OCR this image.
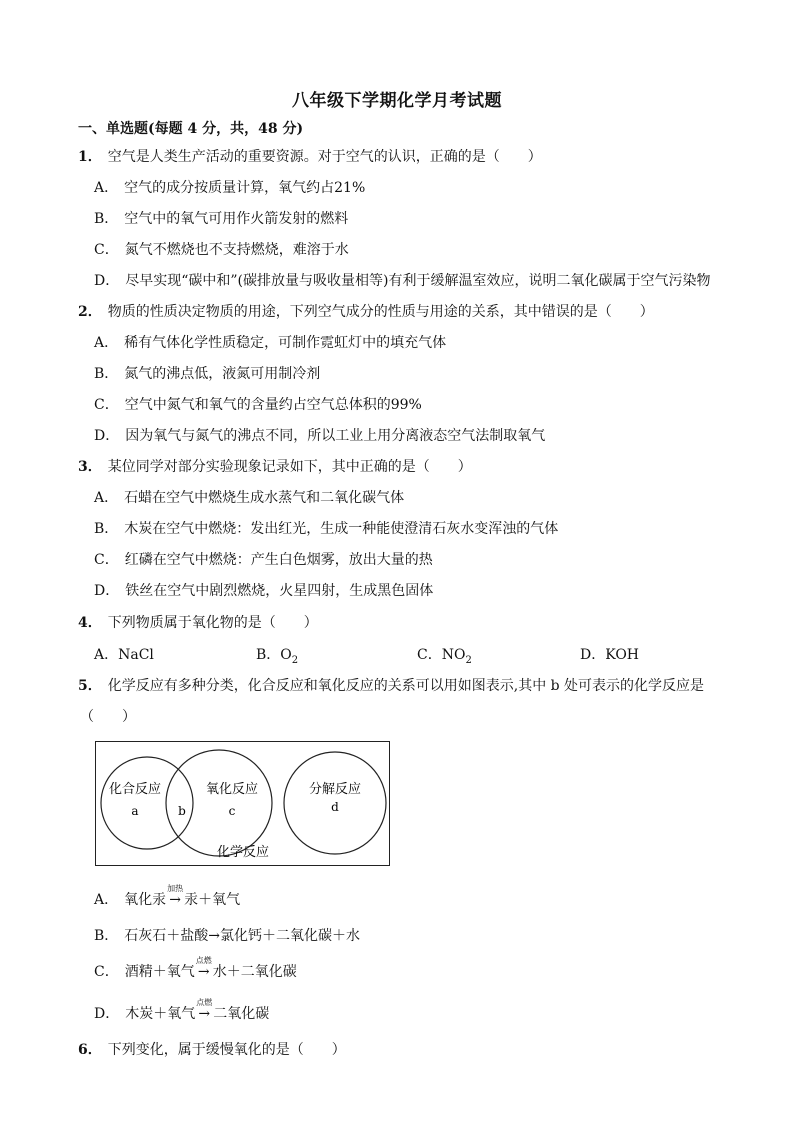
八年级下学期化学月考试题
一、单选题(每题 4 分，共，48 分)
1． 空气是人类生产活动的重要资源。对于空气的认识，正确的是（　　）
A． 空气的成分按质量计算，氧气约占21%
B． 空气中的氧气可用作火箭发射的燃料
C． 氮气不燃烧也不支持燃烧，难溶于水
D． 尽早实现“碳中和”(碳排放量与吸收量相等)有利于缓解温室效应，说明二氧化碳属于空气污染物
2． 物质的性质决定物质的用途，下列空气成分的性质与用途的关系，其中错误的是（　　）
A． 稀有气体化学性质稳定，可制作霓虹灯中的填充气体
B． 氮气的沸点低，液氮可用制冷剂
C． 空气中氮气和氧气的含量约占空气总体积的99%
D． 因为氧气与氮气的沸点不同，所以工业上用分离液态空气法制取氧气
3． 某位同学对部分实验现象记录如下，其中正确的是（　　）
A． 石蜡在空气中燃烧生成水蒸气和二氧化碳气体
B． 木炭在空气中燃烧：发出红光，生成一种能使澄清石灰水变浑浊的气体
C． 红磷在空气中燃烧：产生白色烟雾，放出大量的热
D． 铁丝在空气中剧烈燃烧，火星四射，生成黑色固体
4． 下列物质属于氧化物的是（　　）
A．NaCl	B．$O_2$	C．$NO_2$	D．KOH
5． 化学反应有多种分类，化合反应和氧化反应的关系可以用如图表示,其中 b 处可表示的化学反应是
（　　）
化合反应
a	b
氧化反应
c
分解反应
d
化学反应
A． 氧化汞
加热
→ 汞＋氧气
B． 石灰石＋盐酸→氯化钙＋二氧化碳＋水
C． 酒精＋氧气
点燃
→ 水＋二氧化碳
D． 木炭＋氧气
点燃
→ 二氧化碳
6． 下列变化，属于缓慢氧化的是（　　）
